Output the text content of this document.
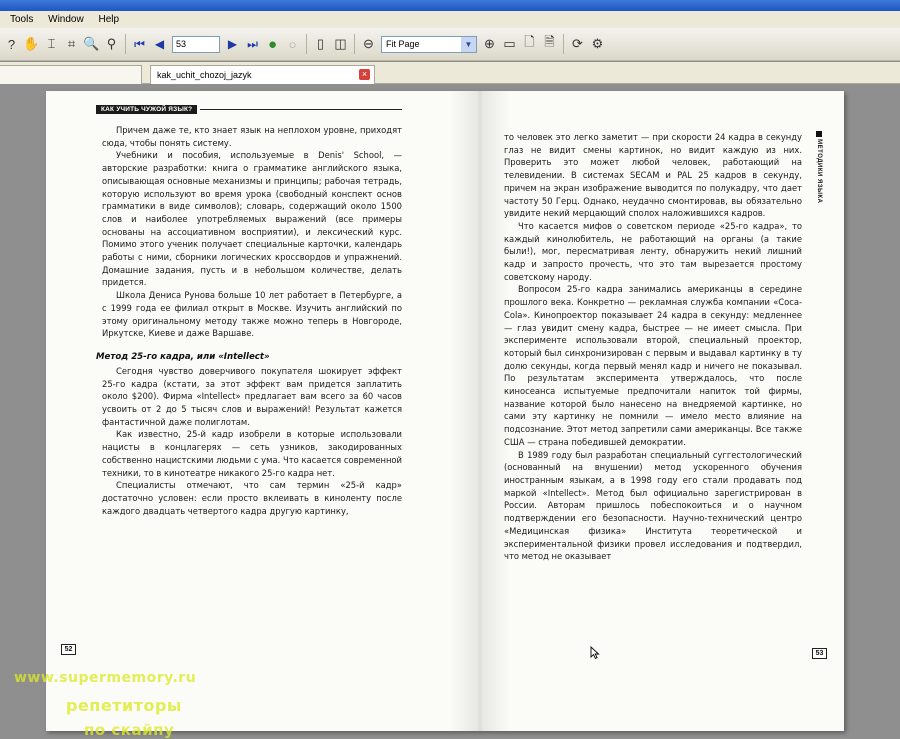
Tools Window Help
? ✋ ⌶ ⌗ 🔍 ⚲	⏮ ◀	53	▶ ⏭ ● ○	▯ ◫	⊖	Fit Page	▼ ⊕ ▭ 🗋 🗎	⟳ ⚙
kak_uchit_chozoj_jazyk	×
КАК УЧИТЬ ЧУЖОЙ ЯЗЫК?

Причем даже те, кто знает язык на неплохом уровне, приходят сюда, чтобы понять систему.

Учебники и пособия, используемые в Denis' School, — авторские разработки: книга о грамматике английского языка, описывающая основные механизмы и принципы; рабочая тетрадь, которую используют во время урока (свободный конспект основ грамматики в виде символов); словарь, содержащий около 1500 слов и наиболее употребляемых выражений (все примеры основаны на ассоциативном восприятии), и лексический курс. Помимо этого ученик получает специальные карточки, календарь работы с ними, сборники логических кроссвордов и упражнений. Домашние задания, пусть и в небольшом количестве, делать придется.

Школа Дениса Рунова больше 10 лет работает в Петербурге, а с 1999 года ее филиал открыт в Москве. Изучить английский по этому оригинальному методу также можно теперь в Новгороде, Иркутске, Киеве и даже Варшаве.

Метод 25-го кадра, или «Intellect»

Сегодня чувство доверчивого покупателя шокирует эффект 25-го кадра (кстати, за этот эффект вам придется заплатить около $200). Фирма «Intellect» предлагает вам всего за 60 часов усвоить от 2 до 5 тысяч слов и выражений! Результат кажется фантастичной даже полиглотам.

Как известно, 25-й кадр изобрели в которые использовали нацисты в концлагерях — сеть узников, закодированных собственно нацистскими людьми с ума. Что касается современной техники, то в кинотеатре никакого 25-го кадра нет.

Специалисты отмечают, что сам термин «25-й кадр» достаточно условен: если просто вклеивать в киноленту после каждого двадцать четвертого кадра другую картинку,

то человек это легко заметит — при скорости 24 кадра в секунду глаз не видит смены картинок, но видит каждую из них. Проверить это может любой человек, работающий на телевидении. В системах SECAM и PAL 25 кадров в секунду, причем на экран изображение выводится по полукадру, что дает частоту 50 Герц. Однако, неудачно смонтировав, вы обязательно увидите некий мерцающий сполох наложившихся кадров.

Что касается мифов о советском периоде «25-го кадра», то каждый кинолюбитель, не работающий на органы (а такие были!), мог, пересматривая ленту, обнаружить некий лишний кадр и запросто прочесть, что это там вырезается простому советскому народу.

Вопросом 25-го кадра занимались американцы в середине прошлого века. Конкретно — рекламная служба компании «Coca-Cola». Кинопроектор показывает 24 кадра в секунду: медленнее — глаз увидит смену кадра, быстрее — не имеет смысла. При эксперименте использовали второй, специальный проектор, который был синхронизирован с первым и выдавал картинку в ту долю секунды, когда первый менял кадр и ничего не показывал. По результатам эксперимента утверждалось, что после киносеанса испытуемые предпочитали напиток той фирмы, название которой было нанесено на внедряемой картинке, но сами эту картинку не помнили — имело место влияние на подсознание. Этот метод запретили сами американцы. Все также США — страна победившей демократии.

В 1989 году был разработан специальный суггестологический (основанный на внушении) метод ускоренного обучения иностранным языкам, а в 1998 году его стали продавать под маркой «Intellect». Метод был официально зарегистрирован в России. Авторам пришлось побеспокоиться и о научном подтверждении его безопасности. Научно-технический центро «Медицинская физика» Института теоретической и экспериментальной физики провел исследования и подтвердил, что метод не оказывает

МЕТОДИКИ ЯЗЫКА
52
53
www.supermemory.ru
репетиторы
по скайпу
